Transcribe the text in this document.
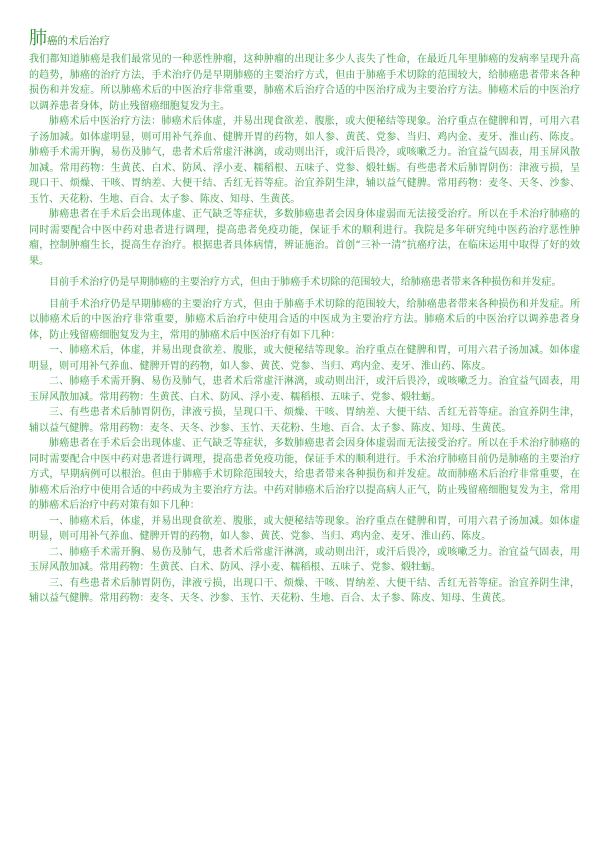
肺癌的术后治疗

我们都知道肺癌是我们最常见的一种恶性肿瘤，这种肿瘤的出现让多少人丧失了性命，在最近几年里肺癌的发病率呈现升高的趋势，肺癌的治疗方法，手术治疗仍是早期肺癌的主要治疗方式，但由于肺癌手术切除的范围较大，给肺癌患者带来各种损伤和并发症。所以肺癌术后的中医治疗非常重要，肺癌术后治疗合适的中医治疗成为主要治疗方法。肺癌术后的中医治疗以调养患者身体，防止残留癌细胞复发为主。

肺癌术后中医治疗方法：肺癌术后体虚，并易出现食欲差、腹胀，或大便秘结等现象。治疗重点在健脾和胃，可用六君子汤加减。如体虚明显，则可用补气养血、健脾开胃的药物，如人参、黄芪、党参、当归、鸡内金、麦牙、淮山药、陈皮。肺癌手术需开胸，易伤及肺气，患者术后常虚汗淋漓，或动则出汗，或汗后畏冷，或咳嗽乏力。治宜益气固表，用玉屏风散加减。常用药物：生黄芪、白术、防风、浮小麦、糯稻根、五味子、党参、煅牡蛎。有些患者术后肺胃阴伤：津液亏损，呈现口干、烦燥、干咳、胃纳差、大便干结、舌红无苔等症。治宜养阴生津，辅以益气健脾。常用药物：麦冬、天冬、沙参、玉竹、天花粉、生地、百合、太子参、陈皮、知母、生黄芪。

肺癌患者在手术后会出现体虚、正气缺乏等症状，多数肺癌患者会因身体虚弱而无法接受治疗。所以在手术治疗肺癌的同时需要配合中医中药对患者进行调理，提高患者免疫功能，保证手术的顺利进行。我院是多年研究纯中医药治疗恶性肿瘤，控制肿瘤生长，提高生存治疗。根据患者具体病情，辨证施治。首创“三补一清”抗癌疗法，在临床运用中取得了好的效果。

目前手术治疗仍是早期肺癌的主要治疗方式，但由于肺癌手术切除的范围较大，给肺癌患者带来各种损伤和并发症。

目前手术治疗仍是早期肺癌的主要治疗方式，但由于肺癌手术切除的范围较大，给肺癌患者带来各种损伤和并发症。所以肺癌术后的中医治疗非常重要，肺癌术后治疗中使用合适的中医成为主要治疗方法。肺癌术后的中医治疗以调养患者身体，防止残留癌细胞复发为主，常用的肺癌术后中医治疗有如下几种：

一、肺癌术后，体虚，并易出现食欲差、腹胀，或大便秘结等现象。治疗重点在健脾和胃，可用六君子汤加减。如体虚明显，则可用补气养血、健脾开胃的药物，如人参、黄芪、党参、当归、鸡内金、麦牙、淮山药、陈皮。

二、肺癌手术需开胸、易伤及肺气，患者术后常虚汗淋漓，或动则出汗，或汗后畏冷，或咳嗽乏力。治宜益气固表，用玉屏风散加减。常用药物：生黄芪、白术、防风、浮小麦、糯稻根、五味子、党参、煅牡蛎。

三、有些患者术后肺胃阴伤，津液亏损，呈现口干、烦燥、干咳、胃纳差、大便干结、舌红无苔等症。治宜养阴生津，辅以益气健脾。常用药物：麦冬、天冬、沙参、玉竹、天花粉、生地、百合、太子参、陈皮、知母、生黄芪。

肺癌患者在手术后会出现体虚、正气缺乏等症状，多数肺癌患者会因身体虚弱而无法接受治疗。所以在手术治疗肺癌的同时需要配合中医中药对患者进行调理，提高患者免疫功能，保证手术的顺利进行。手术治疗肺癌目前仍是肺癌的主要治疗方式，早期病例可以根治。但由于肺癌手术切除范围较大，给患者带来各种损伤和并发症。故而肺癌术后治疗非常重要，在肺癌术后治疗中使用合适的中药成为主要治疗方法。中药对肺癌术后治疗以提高病人正气，防止残留癌细胞复发为主，常用的肺癌术后治疗中药对策有如下几种：

一、肺癌术后，体虚，并易出现食欲差、腹胀，或大便秘结等现象。治疗重点在健脾和胃，可用六君子汤加减。如体虚明显，则可用补气养血、健脾开胃的药物，如人参、黄芪、党参、当归、鸡内金、麦牙、淮山药、陈皮。

二、肺癌手术需开胸、易伤及肺气，患者术后常虚汗淋漓，或动则出汗，或汗后畏冷，或咳嗽乏力。治宜益气固表，用玉屏风散加减。常用药物：生黄芪、白术、防风、浮小麦、糯稻根、五味子、党参、煅牡蛎。

三、有些患者术后肺胃阴伤，津液亏损，出现口干、烦燥、干咳、胃纳差、大便干结、舌红无苔等症。治宜养阴生津，辅以益气健脾。常用药物：麦冬、天冬、沙参、玉竹、天花粉、生地、百合、太子参、陈皮、知母、生黄芪。
